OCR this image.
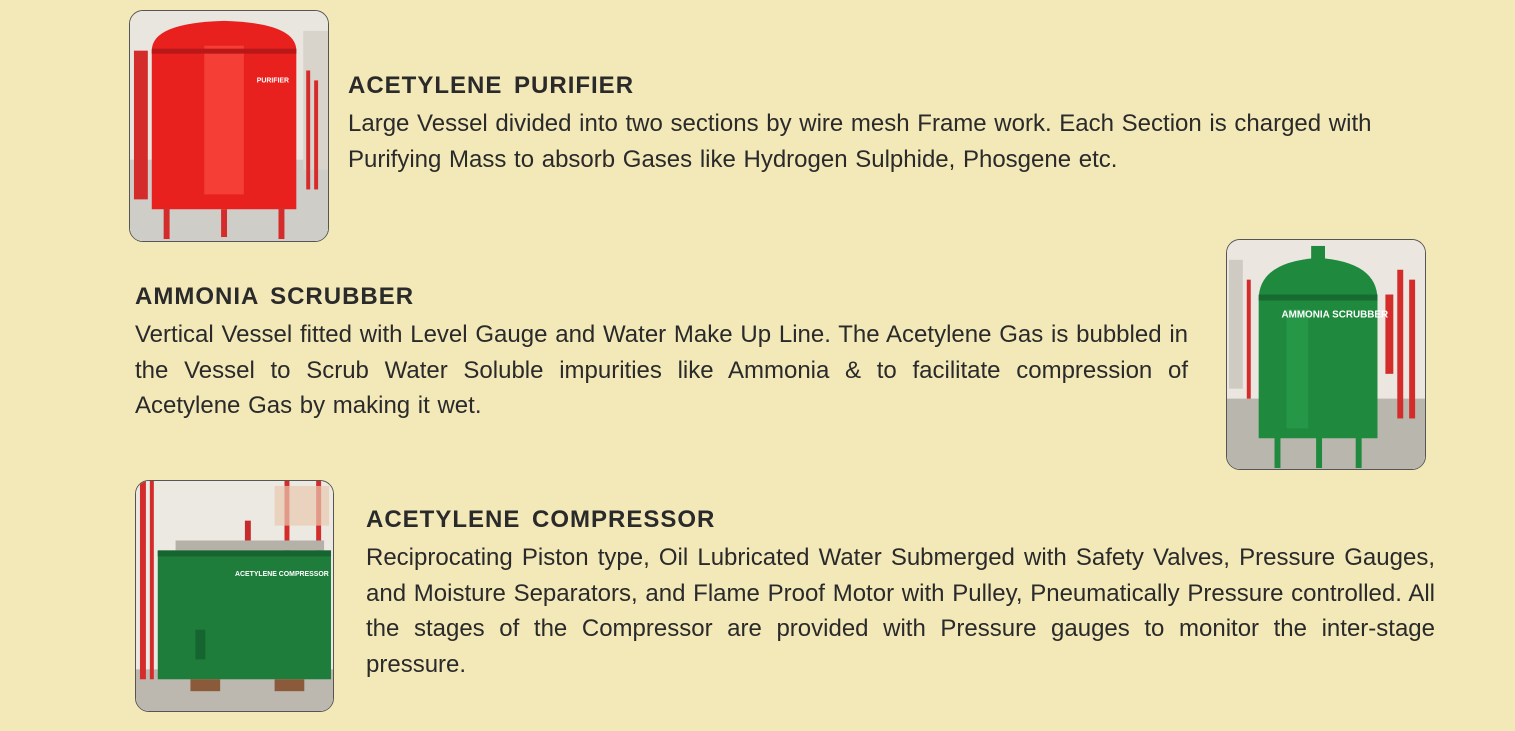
PURIFIER ACETYLENE PURIFIER

Large Vessel divided into two sections by wire mesh Frame work. Each Section is charged with Purifying Mass to absorb Gases like Hydrogen Sulphide, Phosgene etc.

AMMONIA SCRUBBER

Vertical Vessel fitted with Level Gauge and Water Make Up Line. The Acetylene Gas is bubbled in the Vessel to Scrub Water Soluble impurities like Ammonia & to facilitate compression of Acetylene Gas by making it wet.

AMMONIA SCRUBBER
ACETYLENE COMPRESSOR
ACETYLENE COMPRESSOR

Reciprocating Piston type, Oil Lubricated Water Submerged with Safety Valves, Pressure Gauges, and Moisture Separators, and Flame Proof Motor with Pulley, Pneumatically Pressure controlled. All the stages of the Compressor are provided with Pressure gauges to monitor the inter-stage pressure.
